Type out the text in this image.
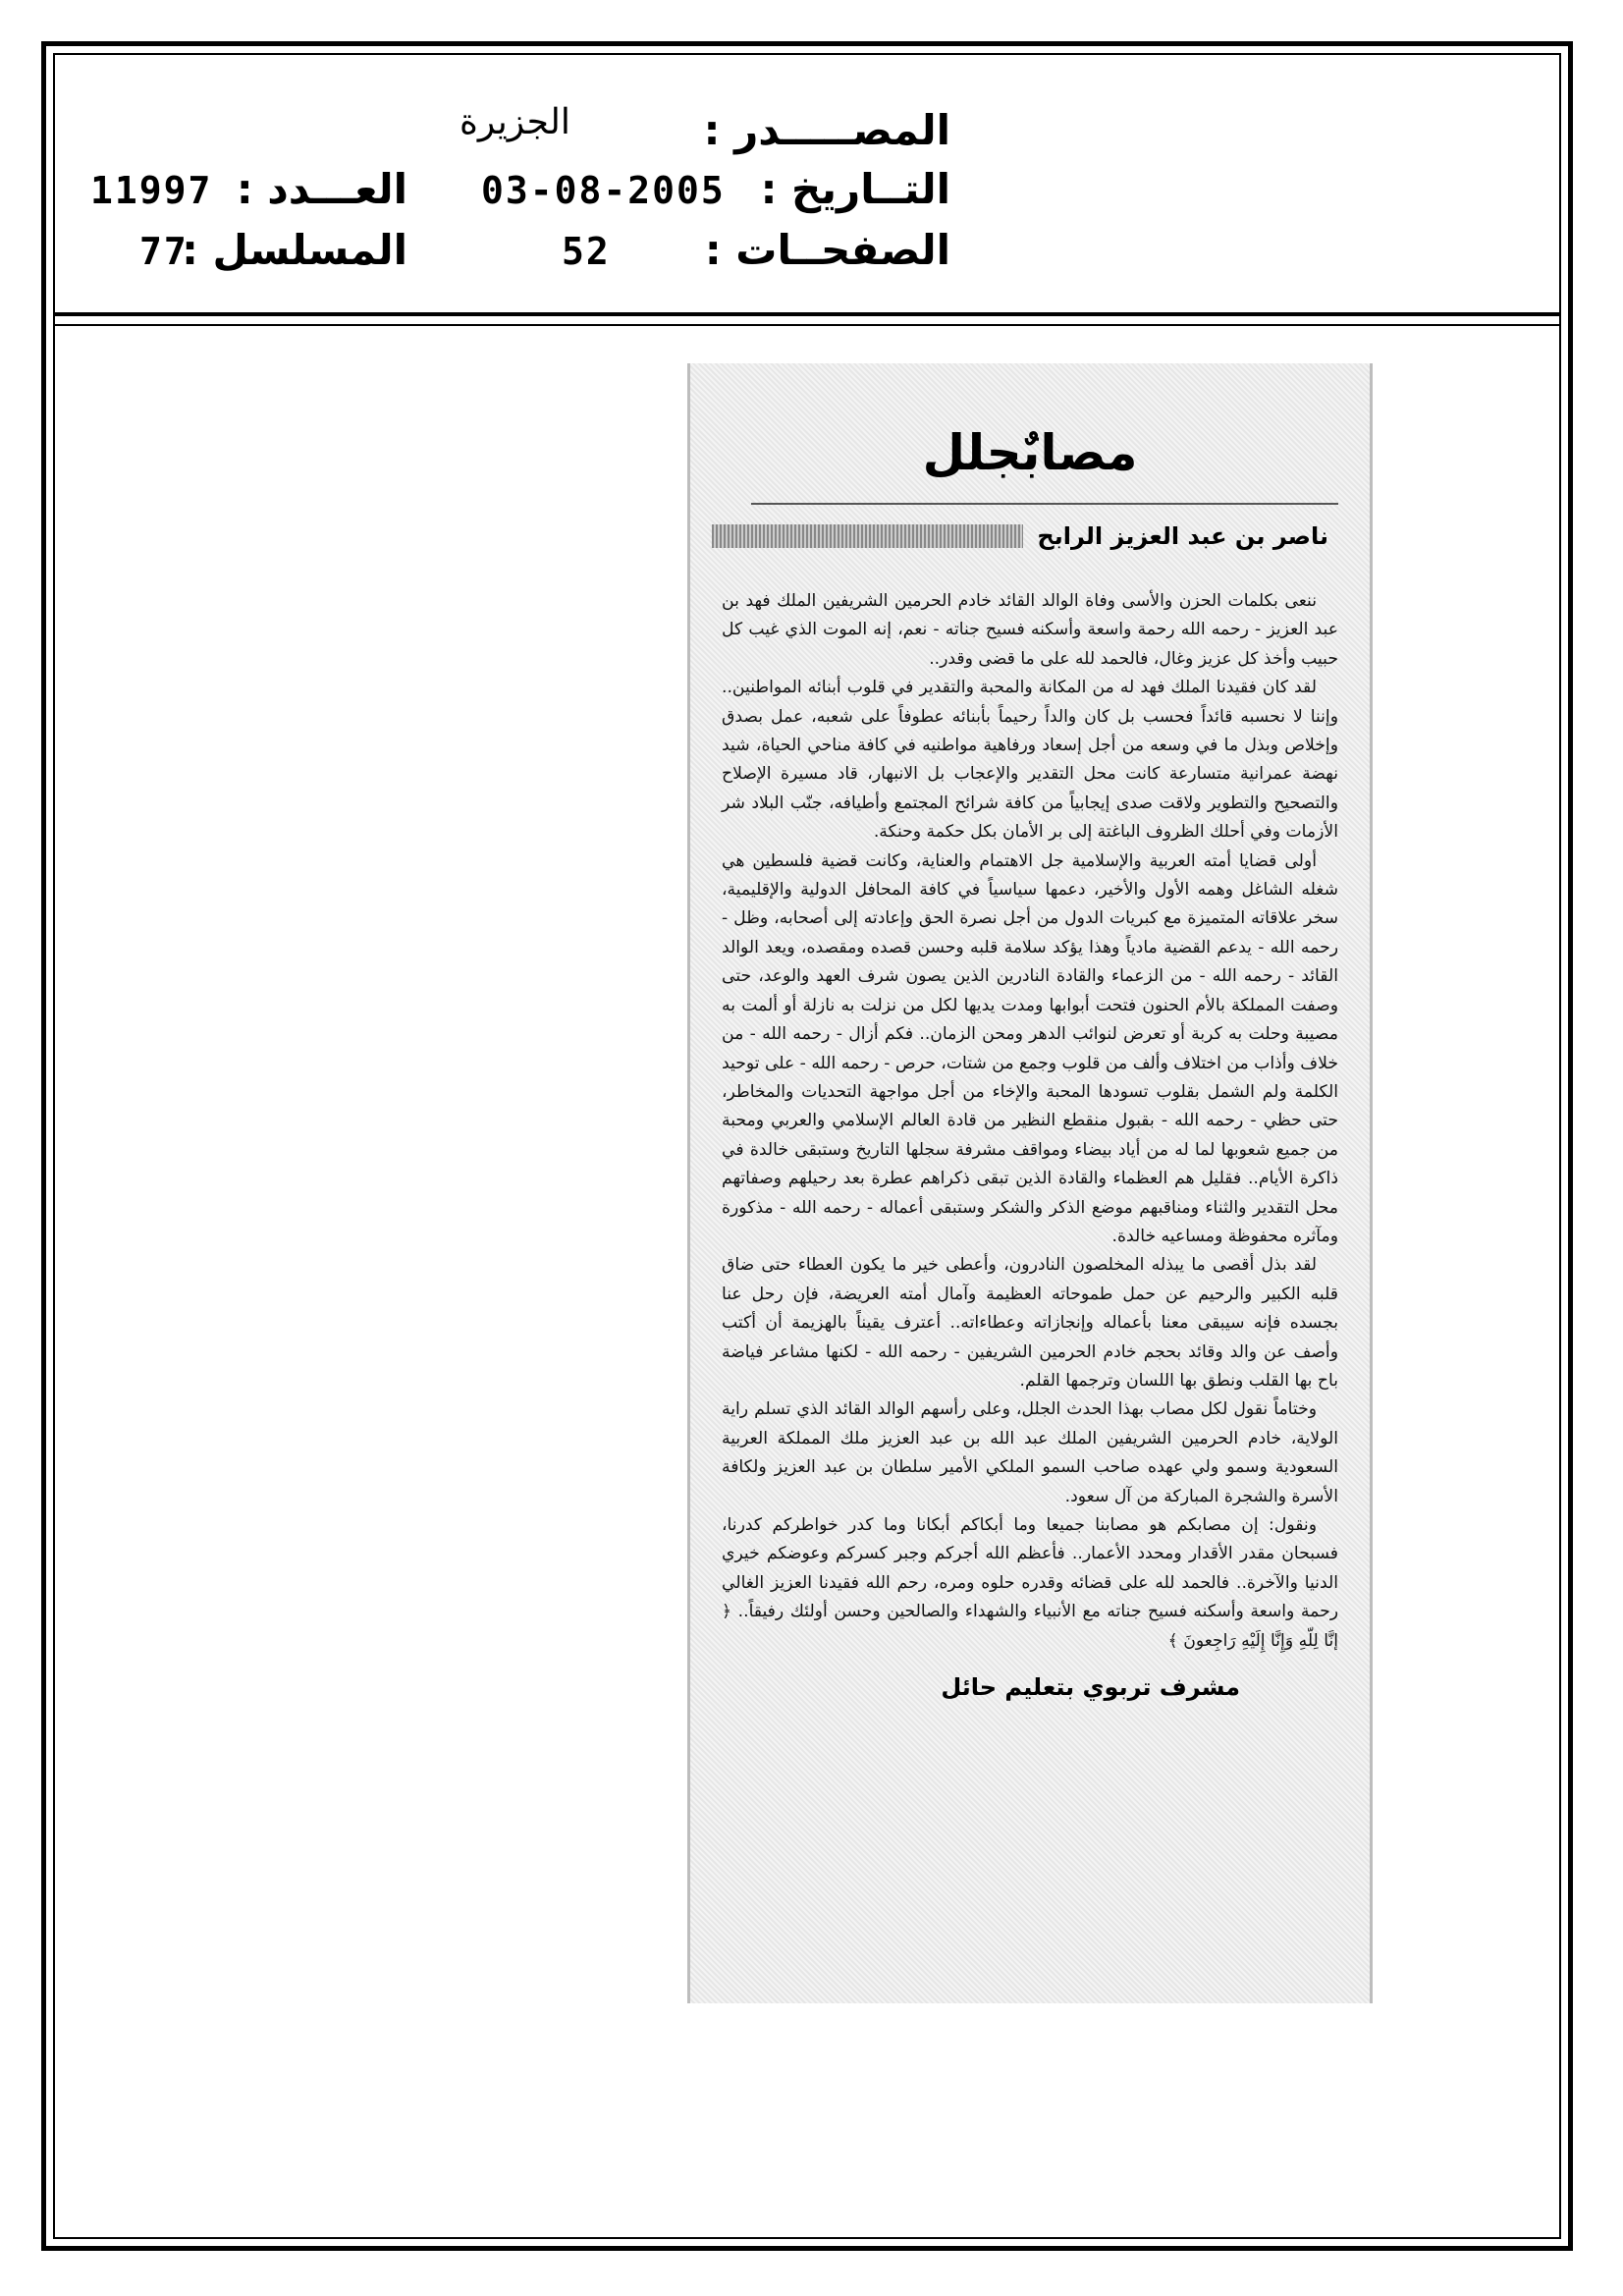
المصـــــدر :
الجزيرة
التــاريخ :
03-08-2005
الصفحــات :
52
العـــدد :
11997
المسلسل :
77
مصابٌجلل
ناصر بن عبد العزيز الرابح

ننعى بكلمات الحزن والأسى وفاة الوالد القائد خادم الحرمين الشريفين الملك فهد بن عبد العزيز - رحمه الله رحمة واسعة وأسكنه فسيح جناته - نعم، إنه الموت الذي غيب كل حبيب وأخذ كل عزيز وغال، فالحمد لله على ما قضى وقدر..

لقد كان فقيدنا الملك فهد له من المكانة والمحبة والتقدير في قلوب أبنائه المواطنين.. وإننا لا نحسبه قائداً فحسب بل كان والداً رحيماً بأبنائه عطوفاً على شعبه، عمل بصدق وإخلاص وبذل ما في وسعه من أجل إسعاد ورفاهية مواطنيه في كافة مناحي الحياة، شيد نهضة عمرانية متسارعة كانت محل التقدير والإعجاب بل الانبهار، قاد مسيرة الإصلاح والتصحيح والتطوير ولاقت صدى إيجابياً من كافة شرائح المجتمع وأطيافه، جنّب البلاد شر الأزمات وفي أحلك الظروف الباغتة إلى بر الأمان بكل حكمة وحنكة.

أولى قضايا أمته العربية والإسلامية جل الاهتمام والعناية، وكانت قضية فلسطين هي شغله الشاغل وهمه الأول والأخير، دعمها سياسياً في كافة المحافل الدولية والإقليمية، سخر علاقاته المتميزة مع كبريات الدول من أجل نصرة الحق وإعادته إلى أصحابه، وظل - رحمه الله - يدعم القضية مادياً وهذا يؤكد سلامة قلبه وحسن قصده ومقصده، ويعد الوالد القائد - رحمه الله - من الزعماء والقادة النادرين الذين يصون شرف العهد والوعد، حتى وصفت المملكة بالأم الحنون فتحت أبوابها ومدت يديها لكل من نزلت به نازلة أو ألمت به مصيبة وحلت به كربة أو تعرض لنوائب الدهر ومحن الزمان.. فكم أزال - رحمه الله - من خلاف وأذاب من اختلاف وألف من قلوب وجمع من شتات، حرص - رحمه الله - على توحيد الكلمة ولم الشمل بقلوب تسودها المحبة والإخاء من أجل مواجهة التحديات والمخاطر، حتى حظي - رحمه الله - بقبول منقطع النظير من قادة العالم الإسلامي والعربي ومحبة من جميع شعوبها لما له من أياد بيضاء ومواقف مشرفة سجلها التاريخ وستبقى خالدة في ذاكرة الأيام.. فقليل هم العظماء والقادة الذين تبقى ذكراهم عطرة بعد رحيلهم وصفاتهم محل التقدير والثناء ومناقبهم موضع الذكر والشكر وستبقى أعماله - رحمه الله - مذكورة ومآثره محفوظة ومساعيه خالدة.

لقد بذل أقصى ما يبذله المخلصون النادرون، وأعطى خير ما يكون العطاء حتى ضاق قلبه الكبير والرحيم عن حمل طموحاته العظيمة وآمال أمته العريضة، فإن رحل عنا بجسده فإنه سيبقى معنا بأعماله وإنجازاته وعطاءاته.. أعترف يقيناً بالهزيمة أن أكتب وأصف عن والد وقائد بحجم خادم الحرمين الشريفين - رحمه الله - لكنها مشاعر فياضة باح بها القلب ونطق بها اللسان وترجمها القلم.

وختاماً نقول لكل مصاب بهذا الحدث الجلل، وعلى رأسهم الوالد القائد الذي تسلم راية الولاية، خادم الحرمين الشريفين الملك عبد الله بن عبد العزيز ملك المملكة العربية السعودية وسمو ولي عهده صاحب السمو الملكي الأمير سلطان بن عبد العزيز ولكافة الأسرة والشجرة المباركة من آل سعود.

ونقول: إن مصابكم هو مصابنا جميعا وما أبكاكم أبكانا وما كدر خواطركم كدرنا، فسبحان مقدر الأقدار ومحدد الأعمار.. فأعظم الله أجركم وجبر كسركم وعوضكم خيري الدنيا والآخرة.. فالحمد لله على قضائه وقدره حلوه ومره، رحم الله فقيدنا العزيز الغالي رحمة واسعة وأسكنه فسيح جناته مع الأنبياء والشهداء والصالحين وحسن أولئك رفيقاً.. ﴿ إنَّا لِلّهِ وَإِنَّا إِلَيْهِ رَاجِعونَ ﴾

مشرف تربوي بتعليم حائل
